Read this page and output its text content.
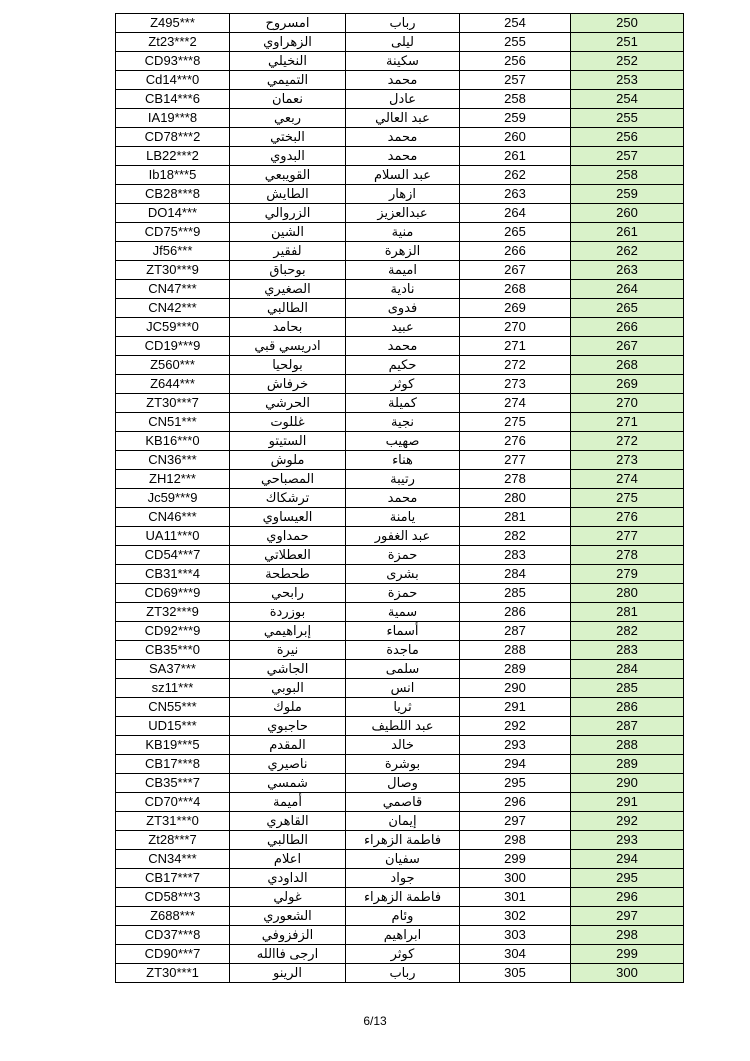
Z495***	امسروح	رباب	254	250
Zt23***2	الزهراوي	ليلى	255	251
CD93***8	النخيلي	سكينة	256	252
Cd14***0	التميمي	محمد	257	253
CB14***6	نعمان	عادل	258	254
IA19***8	ربعي	عبد العالي	259	255
CD78***2	البختي	محمد	260	256
LB22***2	البدوي	محمد	261	257
Ib18***5	القويبعي	عبد السلام	262	258
CB28***8	الطايش	ازهار	263	259
DO14***	الزروالي	عبدالعزيز	264	260
CD75***9	الشين	منية	265	261
Jf56***	لفقير	الزهرة	266	262
ZT30***9	بوحباق	اميمة	267	263
CN47***	الصغيري	نادية	268	264
CN42***	الطالبي	فدوى	269	265
JC59***0	بحامد	عبيد	270	266
CD19***9	ادريسي قبي	محمد	271	267
Z560***	بولحيا	حكيم	272	268
Z644***	خرفاش	كوثر	273	269
ZT30***7	الحرشي	كميلة	274	270
CN51***	غللوت	نجية	275	271
KB16***0	الستيتو	صهيب	276	272
CN36***	ملوش	هناء	277	273
ZH12***	المصباحي	رتيبة	278	274
Jc59***9	ترشكاك	محمد	280	275
CN46***	العيساوي	يامنة	281	276
UA11***0	حمداوي	عبد الغفور	282	277
CD54***7	العطلاتي	حمزة	283	278
CB31***4	طحطحة	بشرى	284	279
CD69***9	رابحي	حمزة	285	280
ZT32***9	بوزردة	سمية	286	281
CD92***9	إبراهيمي	أسماء	287	282
CB35***0	نيرة	ماجدة	288	283
SA37***	الجاشي	سلمى	289	284
sz11***	البوبي	انس	290	285
CN55***	ملوك	ثريا	291	286
UD15***	حاجبوي	عبد اللطيف	292	287
KB19***5	المقدم	خالد	293	288
CB17***8	ناصيري	بوشرة	294	289
CB35***7	شمسي	وصال	295	290
CD70***4	أميمة	قاصمي	296	291
ZT31***0	القاهري	إيمان	297	292
Zt28***7	الطالبي	فاطمة الزهراء	298	293
CN34***	اعلام	سفيان	299	294
CB17***7	الداودي	جواد	300	295
CD58***3	غولي	فاطمة الزهراء	301	296
Z688***	الشعوري	وئام	302	297
CD37***8	الزفزوفي	ابراهيم	303	298
CD90***7	ارجى فاالله	كوثر	304	299
ZT30***1	الرينو	رباب	305	300
6/13
